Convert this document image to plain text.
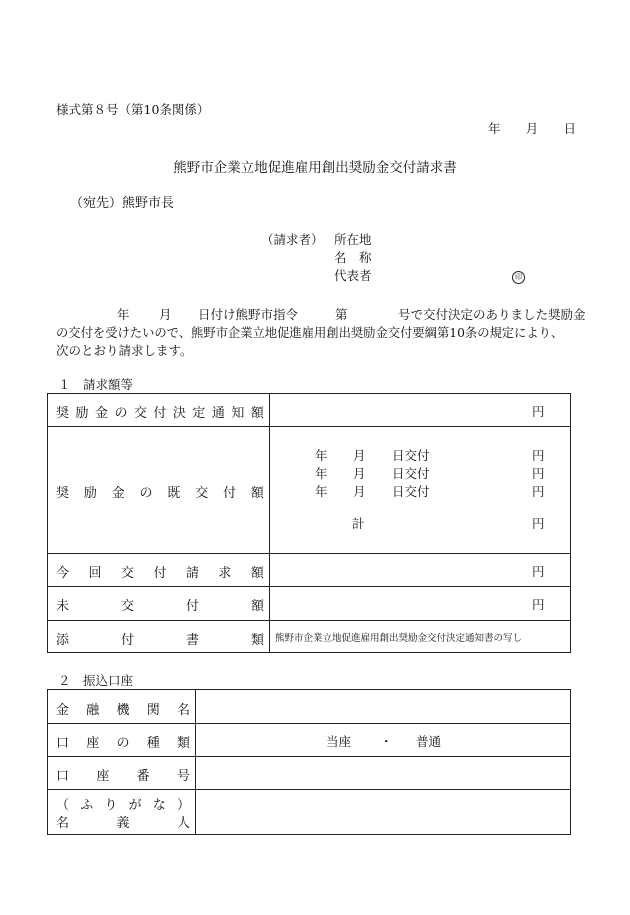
様式第８号（第10条関係）
年 月 日
熊野市企業立地促進雇用創出奨励金交付請求書
（宛先）熊野市長
（請求者） 所在地
名　称
代表者	印
年 月 日付け熊野市指令	第	号で交付決定のありました奨励金
の交付を受けたいので、熊野市企業立地促進雇用創出奨励金交付要綱第10条の規定により、
次のとおり請求します。
１　請求額等
奨 励 金 の 交 付 決 定 通 知 額	円
奨 励 金 の 既 交 付 額
年 月 日交付	円
年 月 日交付	円
年 月 日交付	円
計	円
今 回 交 付 請 求 額	円
未	交	付	額	円
添	付	書	類 熊野市企業立地促進雇用創出奨励金交付決定通知書の写し
２　振込口座
金 融 機 関 名
口 座 の 種 類	当座 ・ 普通
口 座 番 号
（ ふ り が な ）
名	義	人
